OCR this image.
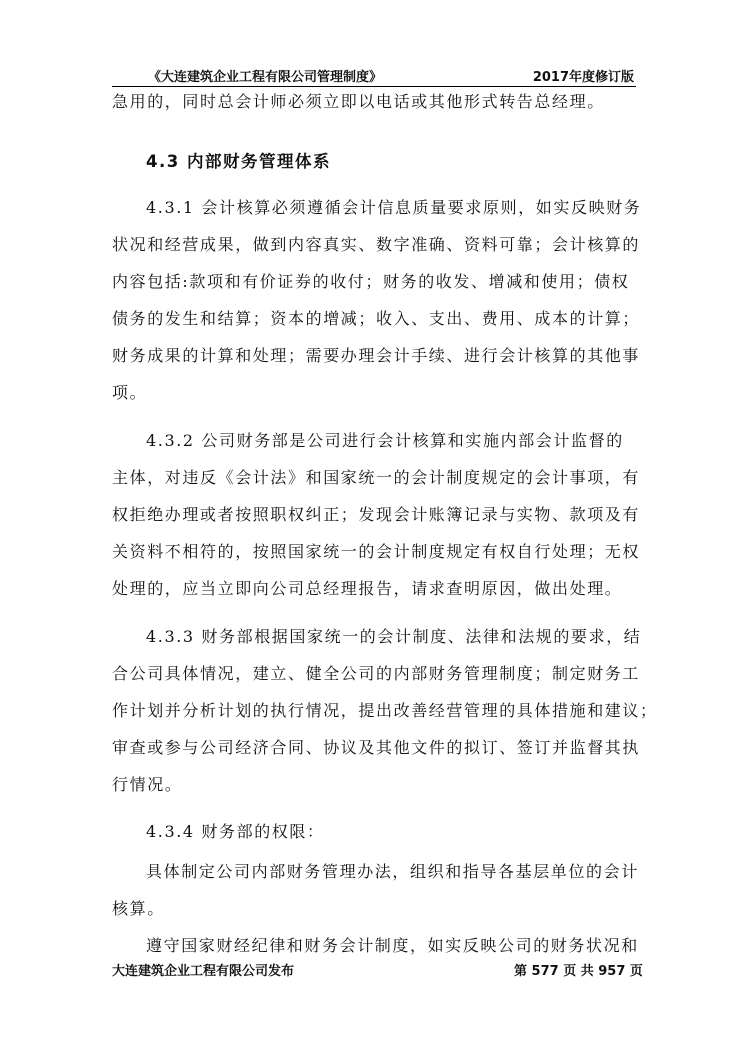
《大连建筑企业工程有限公司管理制度》	2017年度修订版
急用的，同时总会计师必须立即以电话或其他形式转告总经理。
4.3 内部财务管理体系
4.3.1 会计核算必须遵循会计信息质量要求原则，如实反映财务
状况和经营成果，做到内容真实、数字准确、资料可靠；会计核算的
内容包括:款项和有价证券的收付；财务的收发、增减和使用；债权
债务的发生和结算；资本的增减；收入、支出、费用、成本的计算；
财务成果的计算和处理；需要办理会计手续、进行会计核算的其他事
项。
4.3.2 公司财务部是公司进行会计核算和实施内部会计监督的
主体，对违反《会计法》和国家统一的会计制度规定的会计事项，有
权拒绝办理或者按照职权纠正；发现会计账簿记录与实物、款项及有
关资料不相符的，按照国家统一的会计制度规定有权自行处理；无权
处理的，应当立即向公司总经理报告，请求查明原因，做出处理。
4.3.3 财务部根据国家统一的会计制度、法律和法规的要求，结
合公司具体情况，建立、健全公司的内部财务管理制度；制定财务工
作计划并分析计划的执行情况，提出改善经营管理的具体措施和建议；
审查或参与公司经济合同、协议及其他文件的拟订、签订并监督其执
行情况。
4.3.4 财务部的权限：
具体制定公司内部财务管理办法，组织和指导各基层单位的会计
核算。
遵守国家财经纪律和财务会计制度，如实反映公司的财务状况和
大连建筑企业工程有限公司发布	第 577 页 共 957 页
